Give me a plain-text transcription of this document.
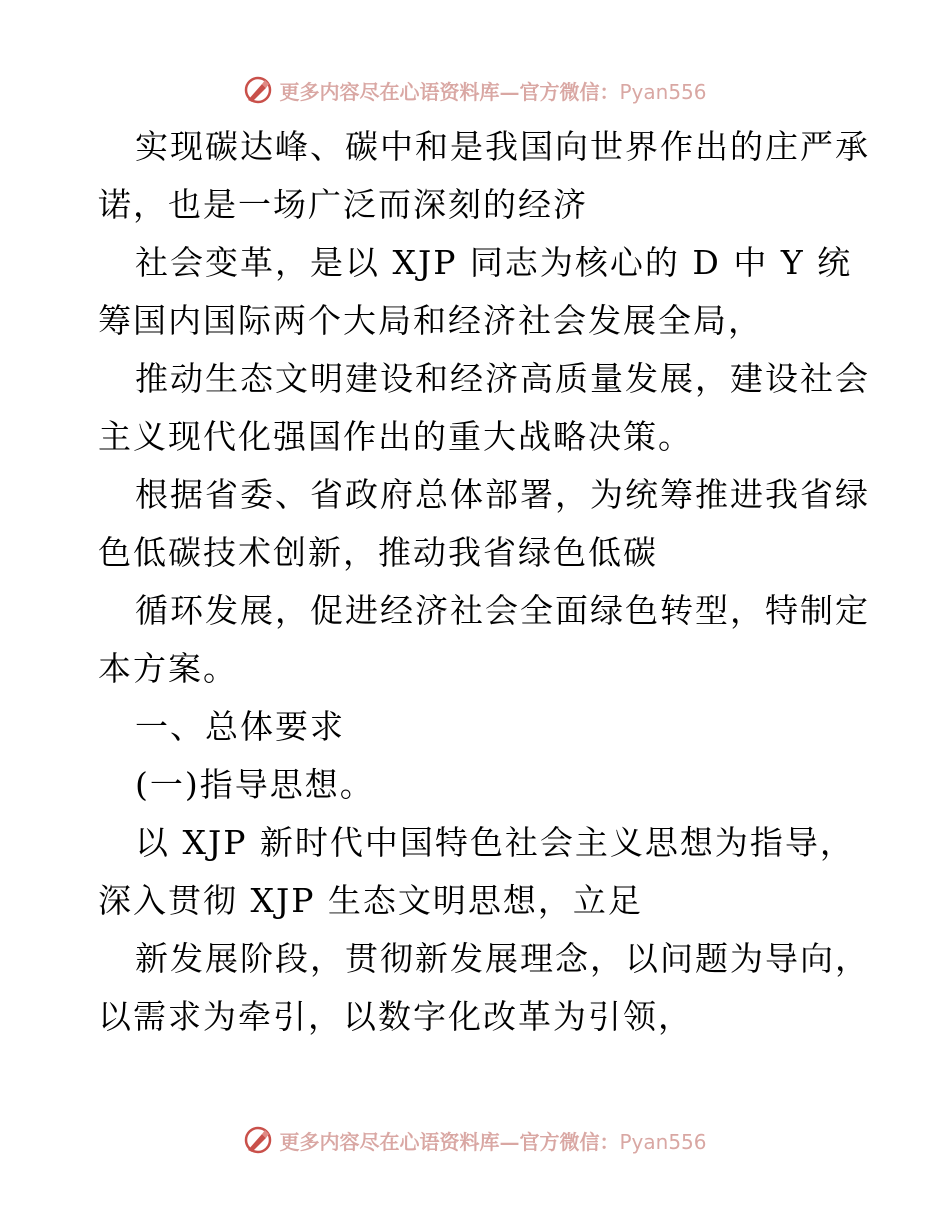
更多内容尽在心语资料库—官方微信：Pyan556
实现碳达峰、碳中和是我国向世界作出的庄严承
诺，也是一场广泛而深刻的经济
社会变革，是以 XJP 同志为核心的 D 中 Y 统
筹国内国际两个大局和经济社会发展全局，
推动生态文明建设和经济高质量发展，建设社会
主义现代化强国作出的重大战略决策。
根据省委、省政府总体部署，为统筹推进我省绿
色低碳技术创新，推动我省绿色低碳
循环发展，促进经济社会全面绿色转型，特制定
本方案。
一、总体要求
(一)指导思想。
以 XJP 新时代中国特色社会主义思想为指导，
深入贯彻 XJP 生态文明思想，立足
新发展阶段，贯彻新发展理念，以问题为导向，
以需求为牵引，以数字化改革为引领，
更多内容尽在心语资料库—官方微信：Pyan556
